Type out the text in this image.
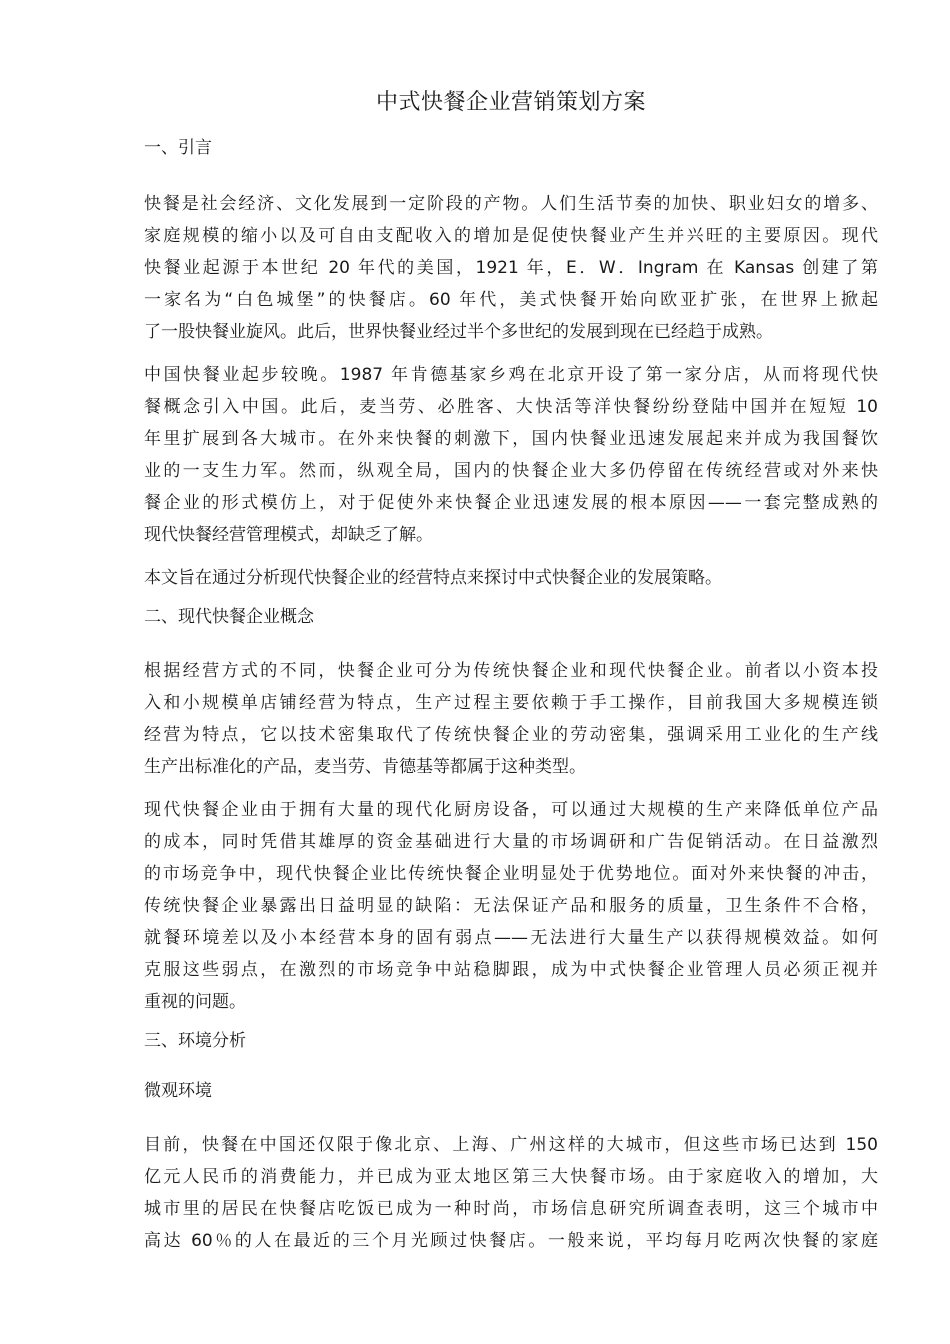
中式快餐企业营销策划方案
一、引言

快餐是社会经济、文化发展到一定阶段的产物。人们生活节奏的加快、职业妇女的增多、
家庭规模的缩小以及可自由支配收入的增加是促使快餐业产生并兴旺的主要原因。现代
快餐业起源于本世纪 20 年代的美国，1921 年，E．W．Ingram 在 Kansas 创建了第
一家名为“白色城堡”的快餐店。60 年代，美式快餐开始向欧亚扩张，在世界上掀起
了一股快餐业旋风。此后，世界快餐业经过半个多世纪的发展到现在已经趋于成熟。

中国快餐业起步较晚。1987 年肯德基家乡鸡在北京开设了第一家分店，从而将现代快
餐概念引入中国。此后，麦当劳、必胜客、大快活等洋快餐纷纷登陆中国并在短短 10
年里扩展到各大城市。在外来快餐的刺激下，国内快餐业迅速发展起来并成为我国餐饮
业的一支生力军。然而，纵观全局，国内的快餐企业大多仍停留在传统经营或对外来快
餐企业的形式模仿上，对于促使外来快餐企业迅速发展的根本原因——一套完整成熟的
现代快餐经营管理模式，却缺乏了解。

本文旨在通过分析现代快餐企业的经营特点来探讨中式快餐企业的发展策略。

二、现代快餐企业概念

根据经营方式的不同，快餐企业可分为传统快餐企业和现代快餐企业。前者以小资本投
入和小规模单店铺经营为特点，生产过程主要依赖于手工操作，目前我国大多规模连锁
经营为特点，它以技术密集取代了传统快餐企业的劳动密集，强调采用工业化的生产线
生产出标准化的产品，麦当劳、肯德基等都属于这种类型。

现代快餐企业由于拥有大量的现代化厨房设备，可以通过大规模的生产来降低单位产品
的成本，同时凭借其雄厚的资金基础进行大量的市场调研和广告促销活动。在日益激烈
的市场竞争中，现代快餐企业比传统快餐企业明显处于优势地位。面对外来快餐的冲击，
传统快餐企业暴露出日益明显的缺陷：无法保证产品和服务的质量，卫生条件不合格，
就餐环境差以及小本经营本身的固有弱点——无法进行大量生产以获得规模效益。如何
克服这些弱点，在激烈的市场竞争中站稳脚跟，成为中式快餐企业管理人员必须正视并
重视的问题。

三、环境分析
微观环境

目前，快餐在中国还仅限于像北京、上海、广州这样的大城市，但这些市场已达到 150
亿元人民币的消费能力，并已成为亚太地区第三大快餐市场。由于家庭收入的增加，大
城市里的居民在快餐店吃饭已成为一种时尚，市场信息研究所调查表明，这三个城市中
高达 60％的人在最近的三个月光顾过快餐店。一般来说，平均每月吃两次快餐的家庭
